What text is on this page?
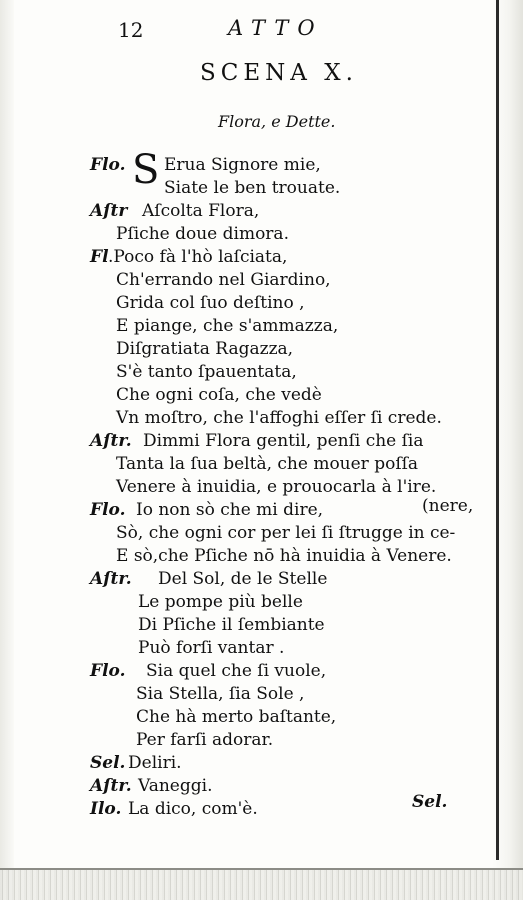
12	ATTO
SCENA X.
Flora, e Dette.
S
Flo. Erua Signore mie,
Siate le ben trouate.
Aſtr Aſcolta Flora,
Pſiche doue dimora.
Fl .Poco fà l'hò laſciata,
Ch'errando nel Giardino,
Grida col ſuo deſtino ,
E piange, che s'ammazza,
Diſgratiata Ragazza,
S'è tanto ſpauentata,
Che ogni coſa, che vedè
Vn moſtro, che l'affoghi eſſer ſi crede.
Aſtr. Dimmi Flora gentil, penſi che ſia
Tanta la ſua beltà, che mouer poſſa
Venere à inuidia, e prouocarla à l'ire.
Flo. Io non sò che mi dire,
Sò, che ogni cor per lei ſi ſtrugge in ce-
E sò,che Pſiche nō hà inuidia à Venere.
Aſtr. Del Sol, de le Stelle
Le pompe più belle
Di Pſiche il ſembiante
Può forſi vantar .
Flo. Sia quel che ſi vuole,
Sia Stella, ſia Sole ,
Che hà merto baſtante,
Per farſi adorar.
Sel. Deliri.
Aſtr. Vaneggi.
Ilo. La dico, com'è.
(nere,
Sel.
